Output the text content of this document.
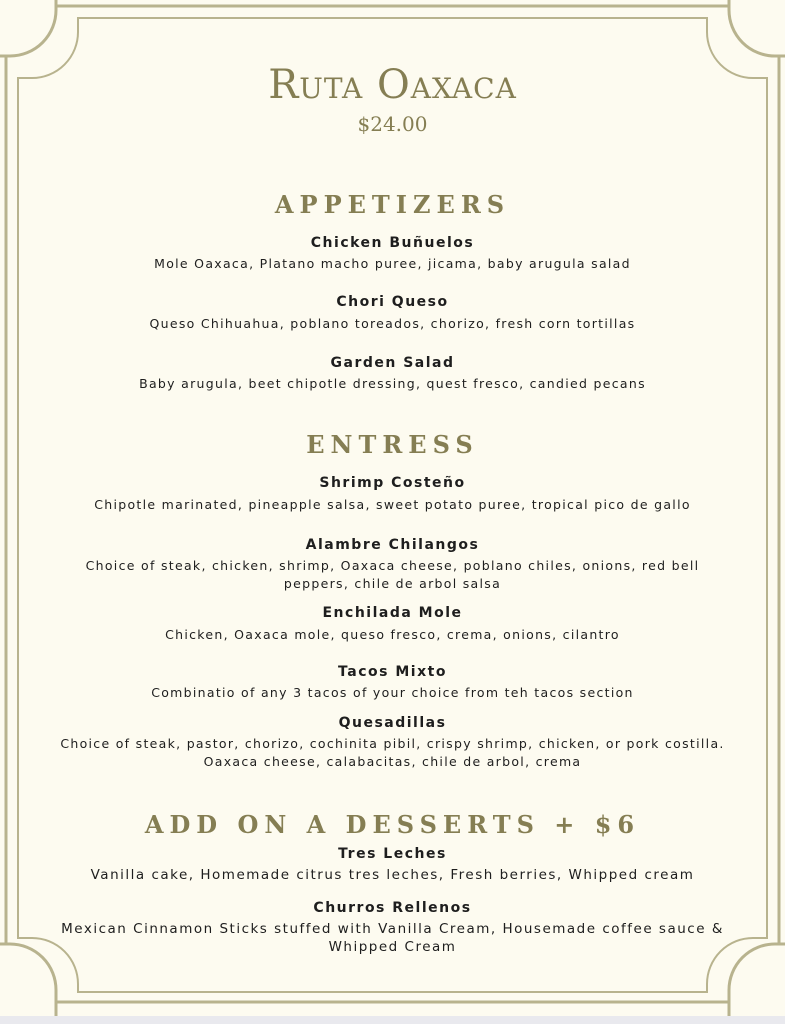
Ruta Oaxaca
$24.00
APPETIZERS
Chicken Buñuelos
Mole Oaxaca, Platano macho puree, jicama, baby arugula salad
Chori Queso
Queso Chihuahua, poblano toreados, chorizo, fresh corn tortillas
Garden Salad
Baby arugula, beet chipotle dressing, quest fresco, candied pecans
ENTRESS
Shrimp Costeño
Chipotle marinated, pineapple salsa, sweet potato puree, tropical pico de gallo
Alambre Chilangos
Choice of steak, chicken, shrimp, Oaxaca cheese, poblano chiles, onions, red bell peppers, chile de arbol salsa
Enchilada Mole
Chicken, Oaxaca mole, queso fresco, crema, onions, cilantro
Tacos Mixto
Combinatio of any 3 tacos of your choice from teh tacos section
Quesadillas
Choice of steak, pastor, chorizo, cochinita pibil, crispy shrimp, chicken, or pork costilla. Oaxaca cheese, calabacitas, chile de arbol, crema
ADD ON A DESSERTS + $6
Tres Leches
Vanilla cake, Homemade citrus tres leches, Fresh berries, Whipped cream
Churros Rellenos
Mexican Cinnamon Sticks stuffed with Vanilla Cream, Housemade coffee sauce & Whipped Cream
